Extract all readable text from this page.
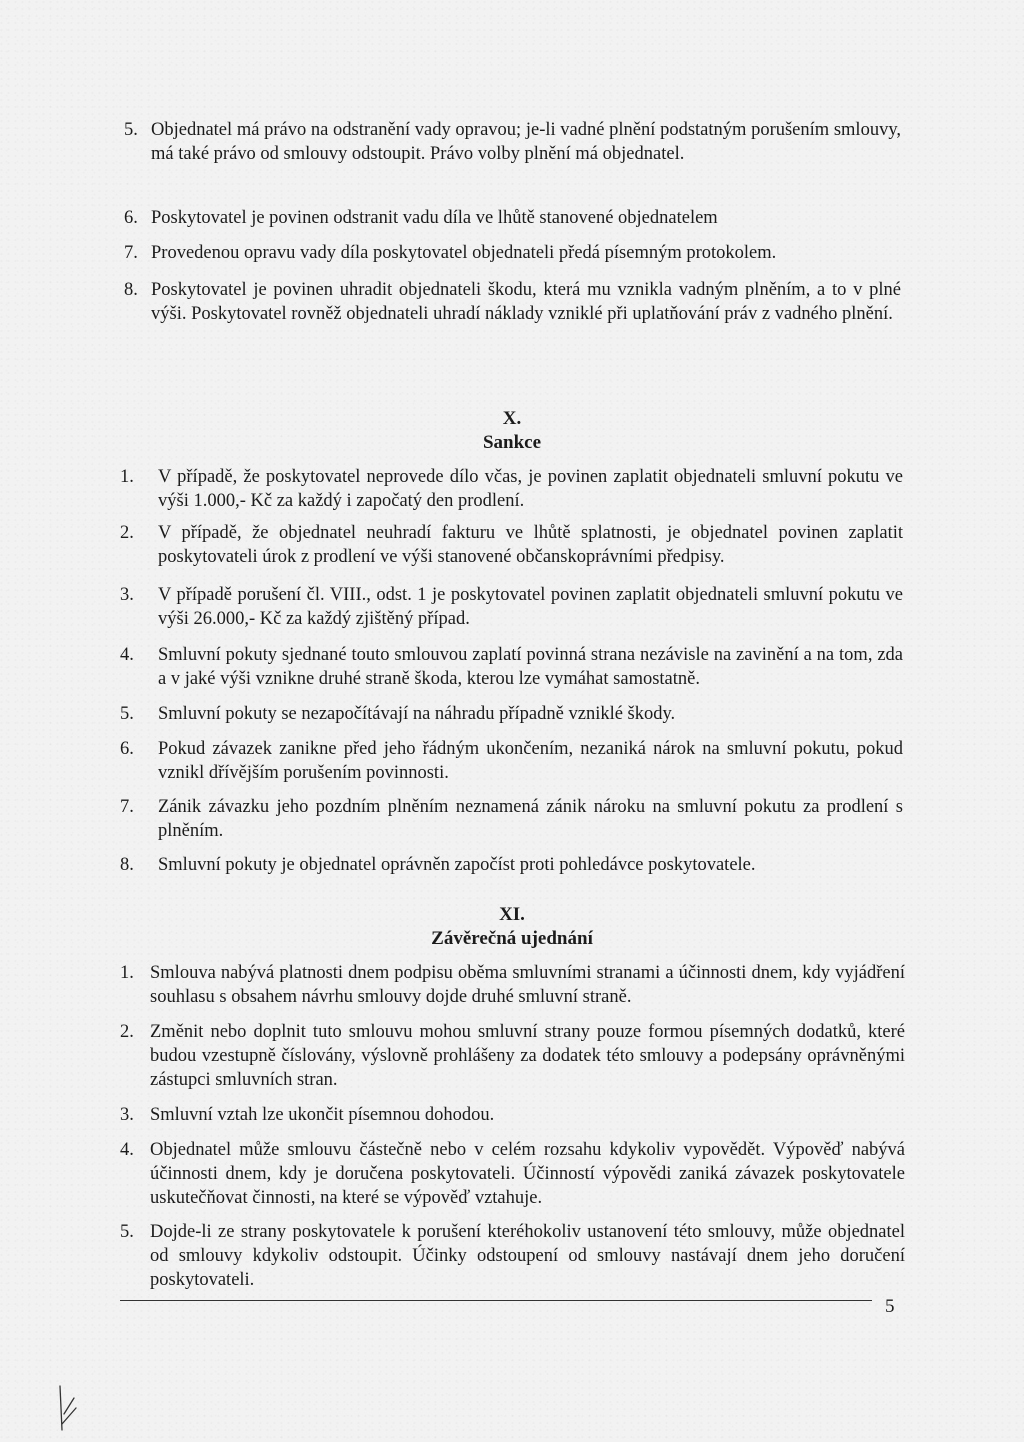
5. Objednatel má právo na odstranění vady opravou; je-li vadné plnění podstatným porušením smlouvy, má také právo od smlouvy odstoupit. Právo volby plnění má objednatel.
6. Poskytovatel je povinen odstranit vadu díla ve lhůtě stanovené objednatelem
7. Provedenou opravu vady díla poskytovatel objednateli předá písemným protokolem.
8. Poskytovatel je povinen uhradit objednateli škodu, která mu vznikla vadným plněním, a to v plné výši. Poskytovatel rovněž objednateli uhradí náklady vzniklé při uplatňování práv z vadného plnění.
X.
Sankce
1.	V případě, že poskytovatel neprovede dílo včas, je povinen zaplatit objednateli smluvní pokutu ve výši 1.000,- Kč za každý i započatý den prodlení.
2.	V případě, že objednatel neuhradí fakturu ve lhůtě splatnosti, je objednatel povinen zaplatit poskytovateli úrok z prodlení ve výši stanovené občanskoprávními předpisy.
3.	V případě porušení čl. VIII., odst. 1 je poskytovatel povinen zaplatit objednateli smluvní pokutu ve výši 26.000,- Kč za každý zjištěný případ.
4.	Smluvní pokuty sjednané touto smlouvou zaplatí povinná strana nezávisle na zavinění a na tom, zda a v jaké výši vznikne druhé straně škoda, kterou lze vymáhat samostatně.
5.	Smluvní pokuty se nezapočítávají na náhradu případně vzniklé škody.
6.	Pokud závazek zanikne před jeho řádným ukončením, nezaniká nárok na smluvní pokutu, pokud vznikl dřívějším porušením povinnosti.
7.	Zánik závazku jeho pozdním plněním neznamená zánik nároku na smluvní pokutu za prodlení s plněním.
8.	Smluvní pokuty je objednatel oprávněn započíst proti pohledávce poskytovatele.
XI.
Závěrečná ujednání
1. Smlouva nabývá platnosti dnem podpisu oběma smluvními stranami a účinnosti dnem, kdy vyjádření souhlasu s obsahem návrhu smlouvy dojde druhé smluvní straně.
2. Změnit nebo doplnit tuto smlouvu mohou smluvní strany pouze formou písemných dodatků, které budou vzestupně číslovány, výslovně prohlášeny za dodatek této smlouvy a podepsány oprávněnými zástupci smluvních stran.
3. Smluvní vztah lze ukončit písemnou dohodou.
4. Objednatel může smlouvu částečně nebo v celém rozsahu kdykoliv vypovědět. Výpověď nabývá účinnosti dnem, kdy je doručena poskytovateli. Účinností výpovědi zaniká závazek poskytovatele uskutečňovat činnosti, na které se výpověď vztahuje.
5. Dojde-li ze strany poskytovatele k porušení kteréhokoliv ustanovení této smlouvy, může objednatel od smlouvy kdykoliv odstoupit. Účinky odstoupení od smlouvy nastávají dnem jeho doručení poskytovateli.
5
